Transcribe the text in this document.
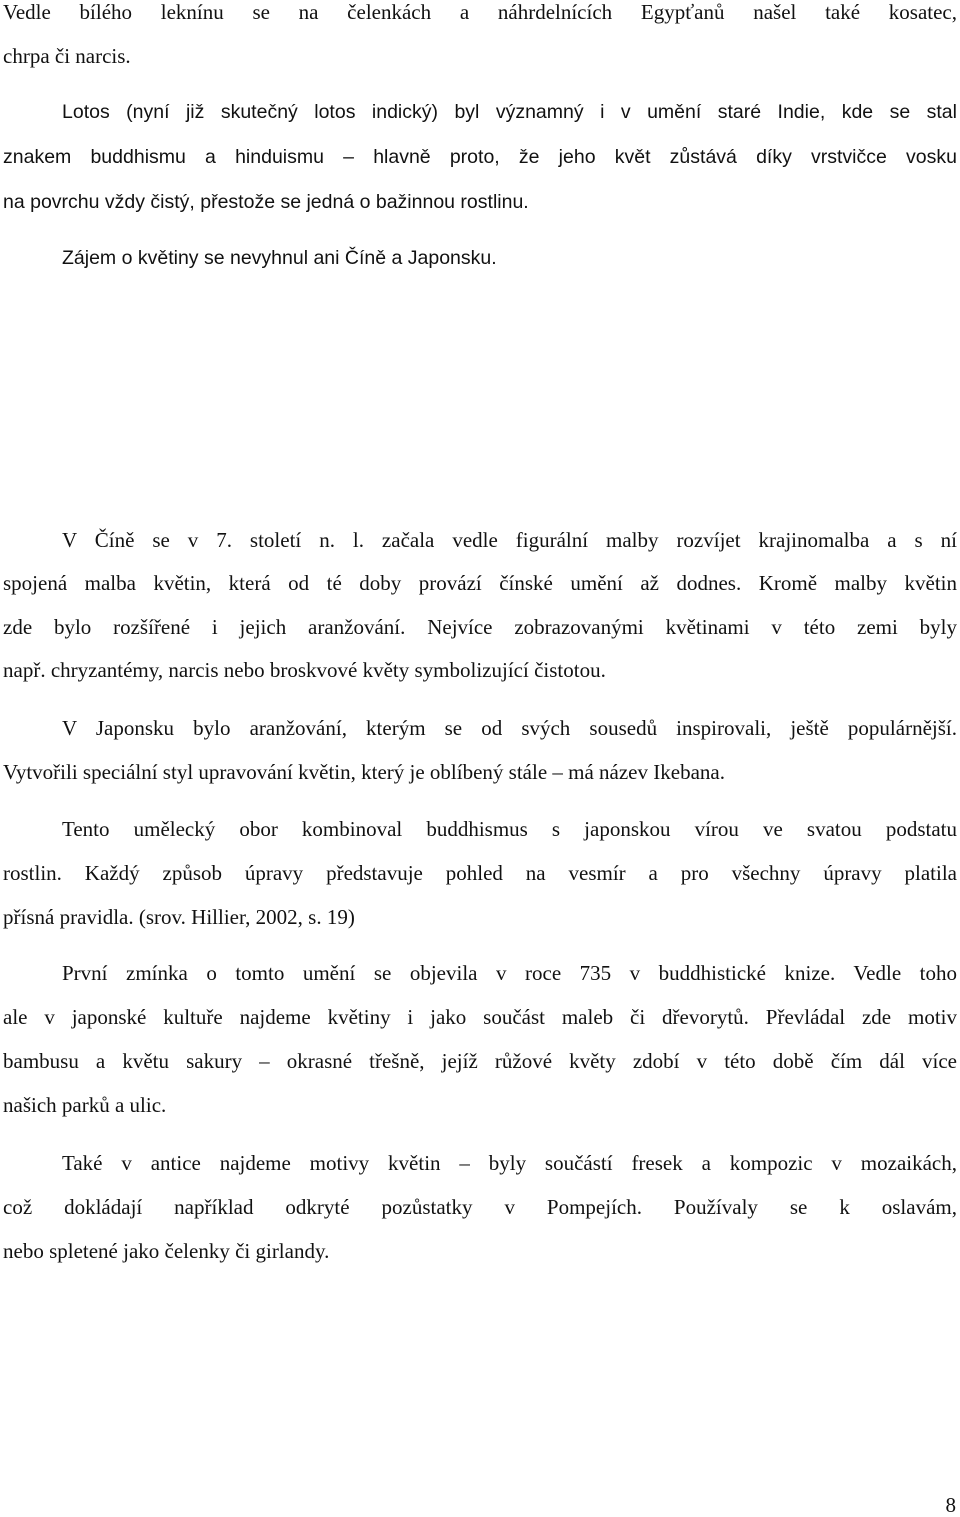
Vedle bílého leknínu se na čelenkách a náhrdelnících Egypťanů našel také kosatec,
chrpa či narcis.
Lotos (nyní již skutečný lotos indický) byl významný i v umění staré Indie, kde se stal
znakem buddhismu a hinduismu – hlavně proto, že jeho květ zůstává díky vrstvičce vosku
na povrchu vždy čistý, přestože se jedná o bažinnou rostlinu.
Zájem o květiny se nevyhnul ani Číně a Japonsku.
V Číně se v 7. století n. l. začala vedle figurální malby rozvíjet krajinomalba a s ní
spojená malba květin, která od té doby provází čínské umění až dodnes. Kromě malby květin
zde bylo rozšířené i jejich aranžování. Nejvíce zobrazovanými květinami v této zemi byly
např. chryzantémy, narcis nebo broskvové květy symbolizující čistotou.
V Japonsku bylo aranžování, kterým se od svých sousedů inspirovali, ještě populárnější.
Vytvořili speciální styl upravování květin, který je oblíbený stále – má název Ikebana.
Tento umělecký obor kombinoval buddhismus s japonskou vírou ve svatou podstatu
rostlin. Každý způsob úpravy představuje pohled na vesmír a pro všechny úpravy platila
přísná pravidla. (srov. Hillier, 2002, s. 19)
První zmínka o tomto umění se objevila v roce 735 v buddhistické knize. Vedle toho
ale v japonské kultuře najdeme květiny i jako součást maleb či dřevorytů. Převládal zde motiv
bambusu a květu sakury – okrasné třešně, jejíž růžové květy zdobí v této době čím dál více
našich parků a ulic.
Také v antice najdeme motivy květin – byly součástí fresek a kompozic v mozaikách,
což dokládají například odkryté pozůstatky v Pompejích. Používaly se k oslavám,
nebo spletené jako čelenky či girlandy.
8
